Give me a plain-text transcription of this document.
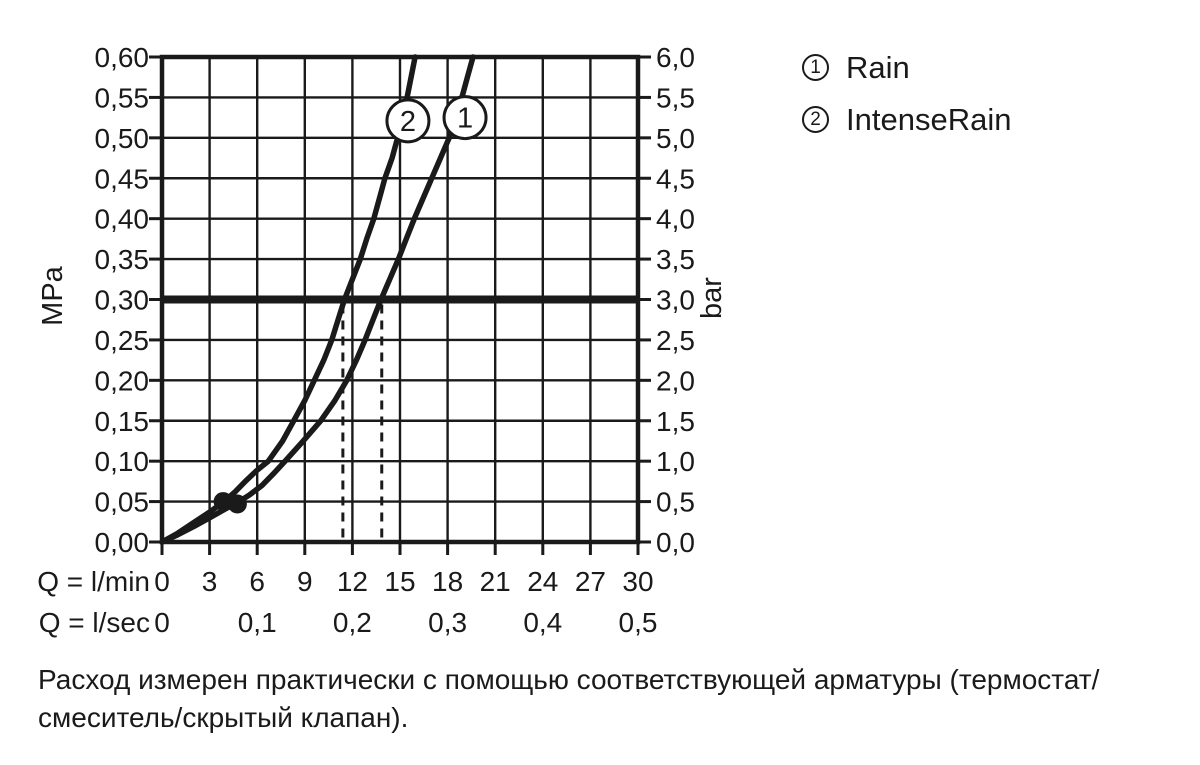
0,60	6,0
0,55	5,5
0,50	5,0
0,45	4,5
0,40	4,0
0,35	3,5
0,30	3,0
0,25	2,5
0,20	2,0
0,15	1,5
0,10	1,0
0,05	0,5
0,00	0,0
0 3 6 9 12 15 18 21 24 27 30
0 0,1 0,2 0,3 0,4 0,5
Q = l/min
Q = l/sec
MPa	bar
2 1
1 Rain
2 IntenseRain
Расход измерен практически с помощью соответствующей арматуры (термостат/
смеситель/скрытый клапан).
